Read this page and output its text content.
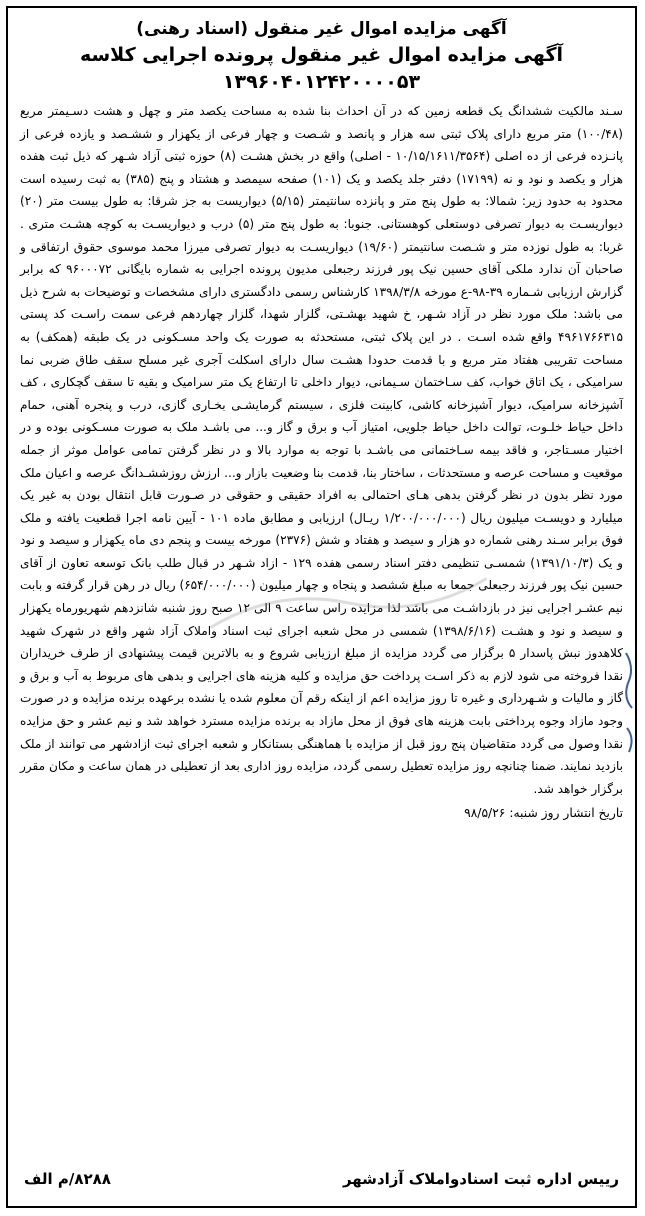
آگهی مزایده اموال غیر منقول (اسناد رهنی)

آگهی مزایده اموال غیر منقول پرونده اجرایی کلاسه

۱۳۹۶۰۴۰۱۲۴۲۰۰۰۰۵۳

سـند مالکیت ششدانگ یک قطعه زمین که در آن احداث بنا شده به مساحت یکصد متر و چهل و هشت دسـیمتر مربع (۱۰۰/۴۸) متر مربع دارای پلاک ثبتی سه هزار و پانصد و شـصت و چهار فرعی از یکهزار و ششـصد و یازده فرعی از پانـزده فرعی از ده اصلی (۱۰/۱۵/۱۶۱۱/۳۵۶۴ - اصلی) واقع در بخش هشـت (۸) حوزه ثبتی آزاد شـهر که ذیل ثبت هفده هزار و یکصد و نود و نه (۱۷۱۹۹) دفتر جلد یکصد و یک (۱۰۱) صفحه سیمصد و هشتاد و پنج (۳۸۵) به ثبت رسیده است محدود به حدود زیر: شمالا: به طول پنج متر و پانزده سانتیمتر (۵/۱۵) دیواریست به جز شرقا: به طول بیست متر (۲۰) دیواریسـت به دیوار تصرفی دوستعلی کوهستانی. جنوبا: به طول پنج متر (۵) درب و دیواریسـت به کوچه هشـت متری . غربا: به طول نوزده متر و شـصت سانتیمتر (۱۹/۶۰) دیواریسـت به دیوار تصرفی میرزا محمد موسوی حقوق ارتفاقی و صاحبان آن ندارد ملکی آقای حسین نیک پور فرزند رجبعلی مدیون پرونده اجرایی به شماره بایگانی ۹۶۰۰۰۷۲ که برابر گزارش ارزیابی شـماره ۳۹-۹۸-ع مورخه ۱۳۹۸/۳/۸ کارشناس رسمی دادگستری دارای مشخصات و توضیحات به شرح ذیل می باشد: ملک مورد نظر در آزاد شـهر، خ شهید بهشـتی، گلزار شهدا، گلزار چهاردهم فرعی سمت راسـت کد پستی ۴۹۶۱۷۶۶۳۱۵ واقع شده اسـت . در این پلاک ثبتی، مستحدثه به صورت یک واحد مسـکونی در یک طبقه (همکف) به مساحت تقریبی هفتاد متر مربع و با قدمت حدودا هشـت سال دارای اسکلت آجری غیر مسلح سقف طاق ضربی نما سرامیکی ، یک اتاق خواب، کف سـاختمان سـیمانی، دیوار داخلی تا ارتفاع یک متر سرامیک و بقیه تا سقف گچکاری ، کف آشپزخانه سرامیک، دیوار آشپزخانه کاشی، کابینت فلزی ، سیستم گرمایشـی بخـاری گازی، درب و پنجره آهنی، حمام داخل حیاط خلـوت، توالت داخل حیاط جلویی، امتیاز آب و برق و گاز و... می باشـد ملک به صورت مسـکونی بوده و در اختیار مسـتاجر، و فاقد بیمه سـاختمانی می باشـد با توجه به موارد بالا و در نظر گرفتن تمامی عوامل موثر از جمله موقعیت و مساحت عرصه و مستحدثات ، ساختار بنا، قدمت بنا وضعیت بازار و... ارزش روزششـدانگ عرصه و اعیان ملک مورد نظر بدون در نظر گرفتن بدهی هـای احتمالی به افراد حقیقی و حقوقی در صـورت قابل انتقال بودن به غیر یک میلیارد و دویسـت میلیون ریال (۱/۲۰۰/۰۰۰/۰۰۰ ریـال) ارزیابی و مطابق ماده ۱۰۱ - آیین نامه اجرا قطعیت یافته و ملک فوق برابر سـند رهنی شماره دو هزار و سیصد و هفتاد و شش (۲۳۷۶) مورخه بیست و پنجم دی ماه یکهزار و سیصد و نود و یک (۱۳۹۱/۱۰/۳) شمسـی تنظیمی دفتر اسناد رسمی هفده ۱۲۹ - ازاد شـهر در قبال طلب بانک توسعه تعاون از آقای حسین نیک پور فرزند رجبعلی جمعا به مبلغ ششصد و پنجاه و چهار میلیون (۶۵۴/۰۰۰/۰۰۰) ریال در رهن قرار گرفته و بابت نیم عشـر اجرایی نیز در بازداشـت می باشد لذا مزایده راس ساعت ۹ الی ۱۲ صبح روز شنبه شانزدهم شهریورماه یکهزار و سیصد و نود و هشـت (۱۳۹۸/۶/۱۶) شمسی در محل شعبه اجرای ثبت اسناد واملاک آزاد شهر واقع در شهرک شهید کلاهدوز نبش پاسدار ۵ برگزار می گردد مزایده از مبلغ ارزیابی شروع و به بالاترین قیمت پیشنهادی از طرف خریداران نقدا فروخته می شود لازم به ذکر اسـت پرداخت حق مزایده و کلیه هزینه های اجرایی و بدهی های مربوط به آب و برق و گاز و مالیات و شـهرداری و غیره تا روز مزایده اعم از اینکه رقم آن معلوم شده یا نشده برعهده برنده مزایده و در صورت وجود مازاد وجوه پرداختی بابت هزینه های فوق از محل مازاد به برنده مزایده مسترد خواهد شد و نیم عشر و حق مزایده نقدا وصول می گردد متقاضیان پنج روز قبل از مزایده با هماهنگی بستانکار و شعبه اجرای ثبت ازادشهر می توانند از ملک بازدید نمایند. ضمنا چنانچه روز مزایده تعطیل رسمی گردد، مزایده روز اداری بعد از تعطیلی در همان ساعت و مکان مقرر برگزار خواهد شد.

تاریخ انتشار روز شنبه: ۹۸/۵/۲۶

رییس اداره ثبت اسنادواملاک آزادشهر
۸۲۸۸/م الف
